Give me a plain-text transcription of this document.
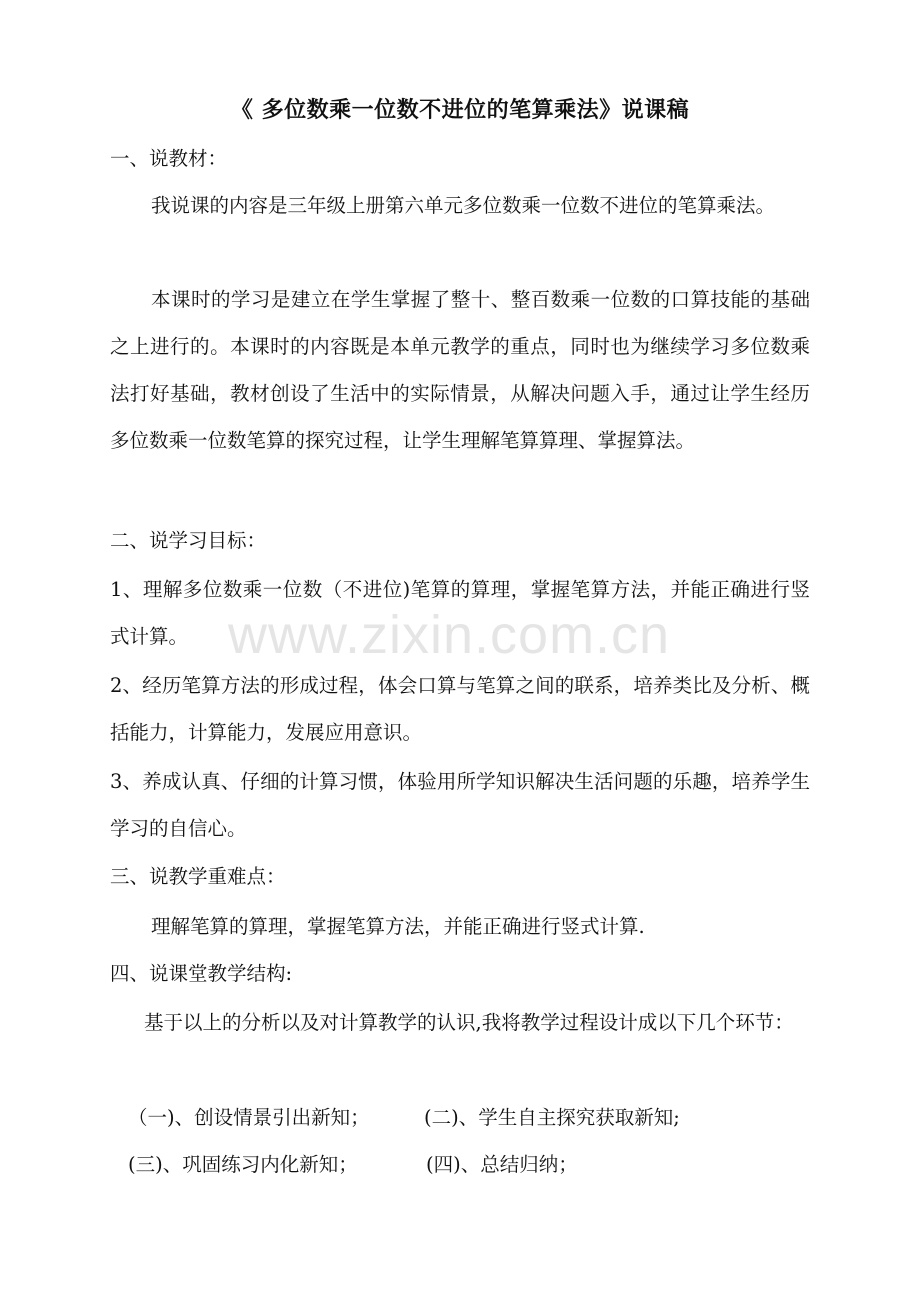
《 多位数乘一位数不进位的笔算乘法》说课稿
一、说教材：
我说课的内容是三年级上册第六单元多位数乘一位数不进位的笔算乘法。
本课时的学习是建立在学生掌握了整十、整百数乘一位数的口算技能的基础之上进行的。本课时的内容既是本单元教学的重点，同时也为继续学习多位数乘法打好基础，教材创设了生活中的实际情景，从解决问题入手，通过让学生经历多位数乘一位数笔算的探究过程，让学生理解笔算算理、掌握算法。
二、说学习目标：
1、理解多位数乘一位数（不进位)笔算的算理，掌握笔算方法，并能正确进行竖式计算。
2、经历笔算方法的形成过程，体会口算与笔算之间的联系，培养类比及分析、概括能力，计算能力，发展应用意识。
3、养成认真、仔细的计算习惯，体验用所学知识解决生活问题的乐趣，培养学生学习的自信心。
三、说教学重难点：
理解笔算的算理，掌握笔算方法，并能正确进行竖式计算.
四、说课堂教学结构:
基于以上的分析以及对计算教学的认识,我将教学过程设计成以下几个环节：
（一)、创设情景引出新知；	(二)、学生自主探究获取新知;
(三)、巩固练习内化新知；	(四)、总结归纳；
www.zixin.com.cn
